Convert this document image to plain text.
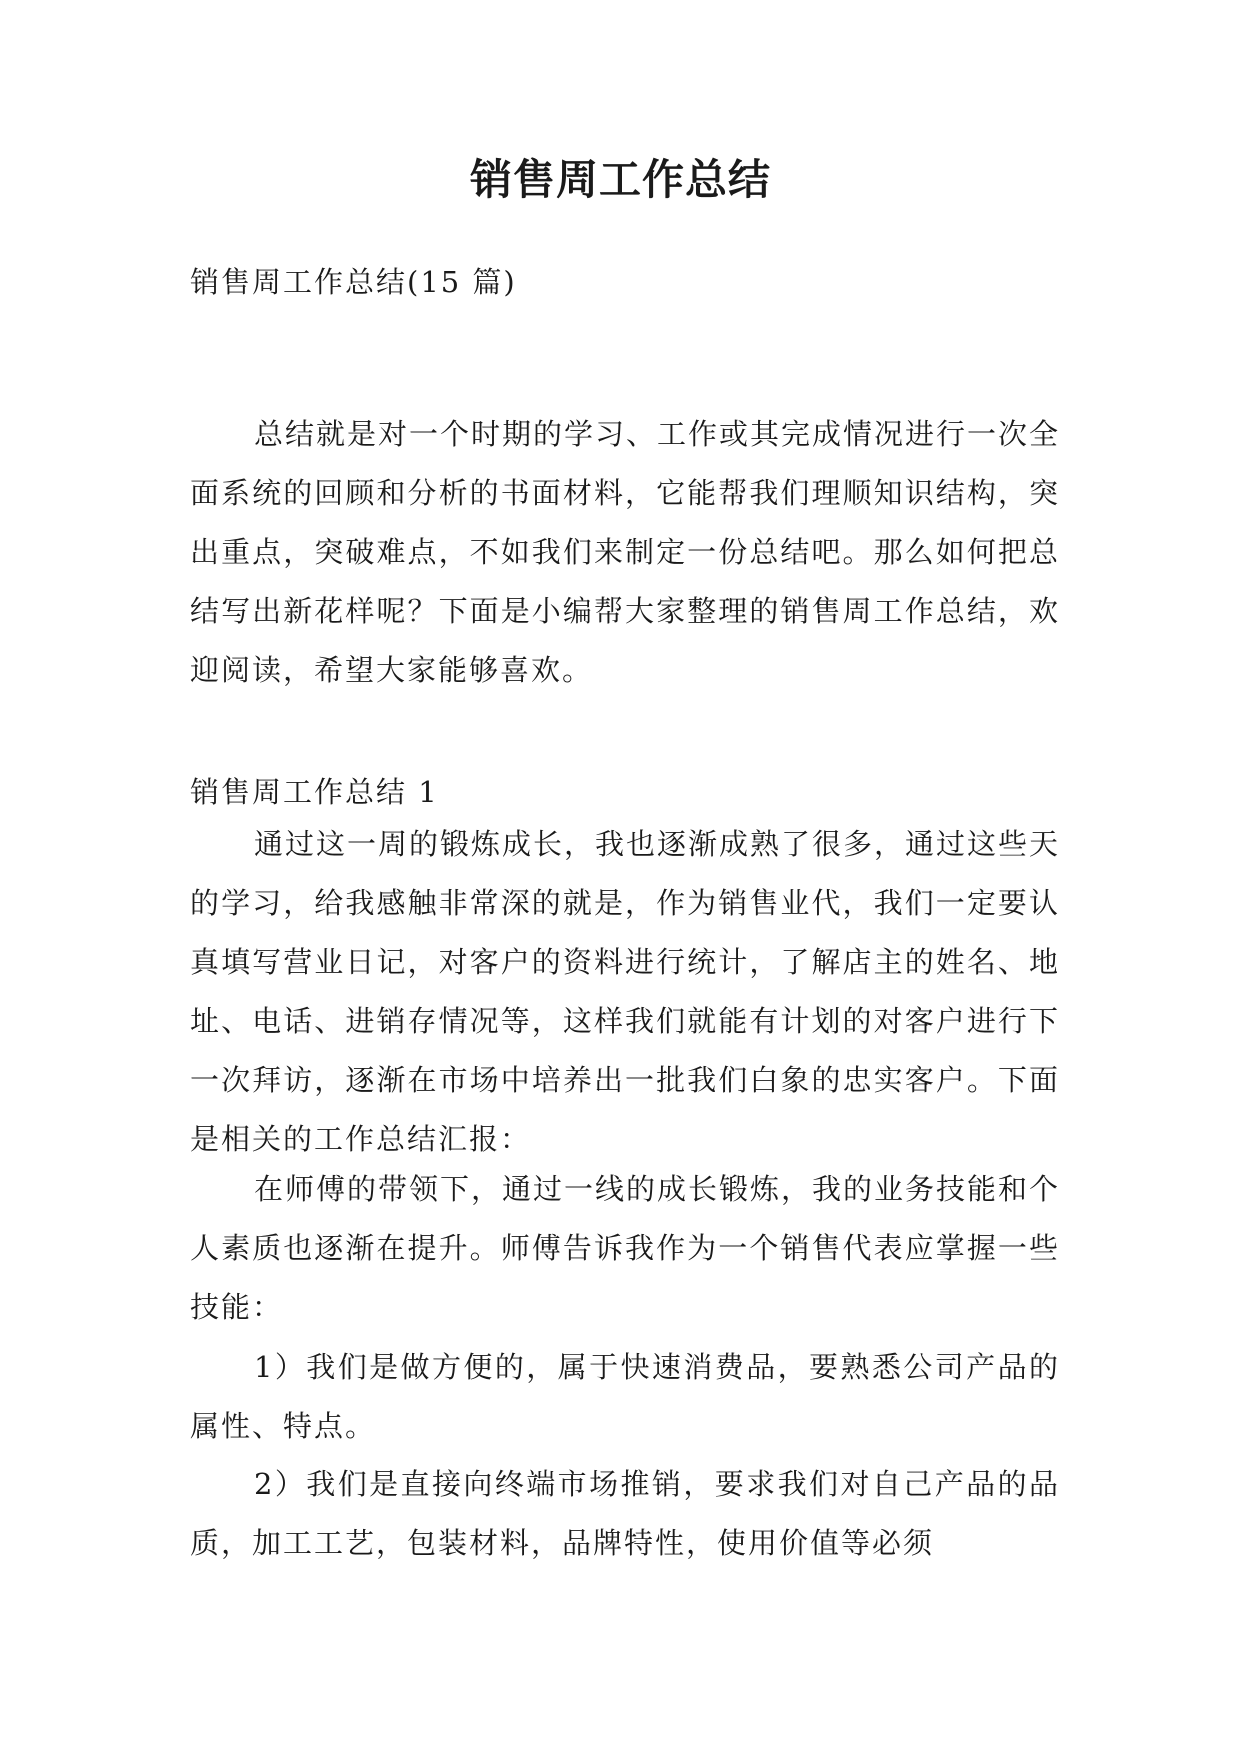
销售周工作总结
销售周工作总结(15 篇)
总结就是对一个时期的学习、工作或其完成情况进行一次全面系统的回顾和分析的书面材料，它能帮我们理顺知识结构，突出重点，突破难点，不如我们来制定一份总结吧。那么如何把总结写出新花样呢？下面是小编帮大家整理的销售周工作总结，欢迎阅读，希望大家能够喜欢。
销售周工作总结 1
通过这一周的锻炼成长，我也逐渐成熟了很多，通过这些天的学习，给我感触非常深的就是，作为销售业代，我们一定要认真填写营业日记，对客户的资料进行统计，了解店主的姓名、地址、电话、进销存情况等，这样我们就能有计划的对客户进行下一次拜访，逐渐在市场中培养出一批我们白象的忠实客户。下面是相关的工作总结汇报：
在师傅的带领下，通过一线的成长锻炼，我的业务技能和个人素质也逐渐在提升。师傅告诉我作为一个销售代表应掌握一些技能：
1）我们是做方便的，属于快速消费品，要熟悉公司产品的属性、特点。
2）我们是直接向终端市场推销，要求我们对自己产品的品质，加工工艺，包装材料，品牌特性，使用价值等必须
